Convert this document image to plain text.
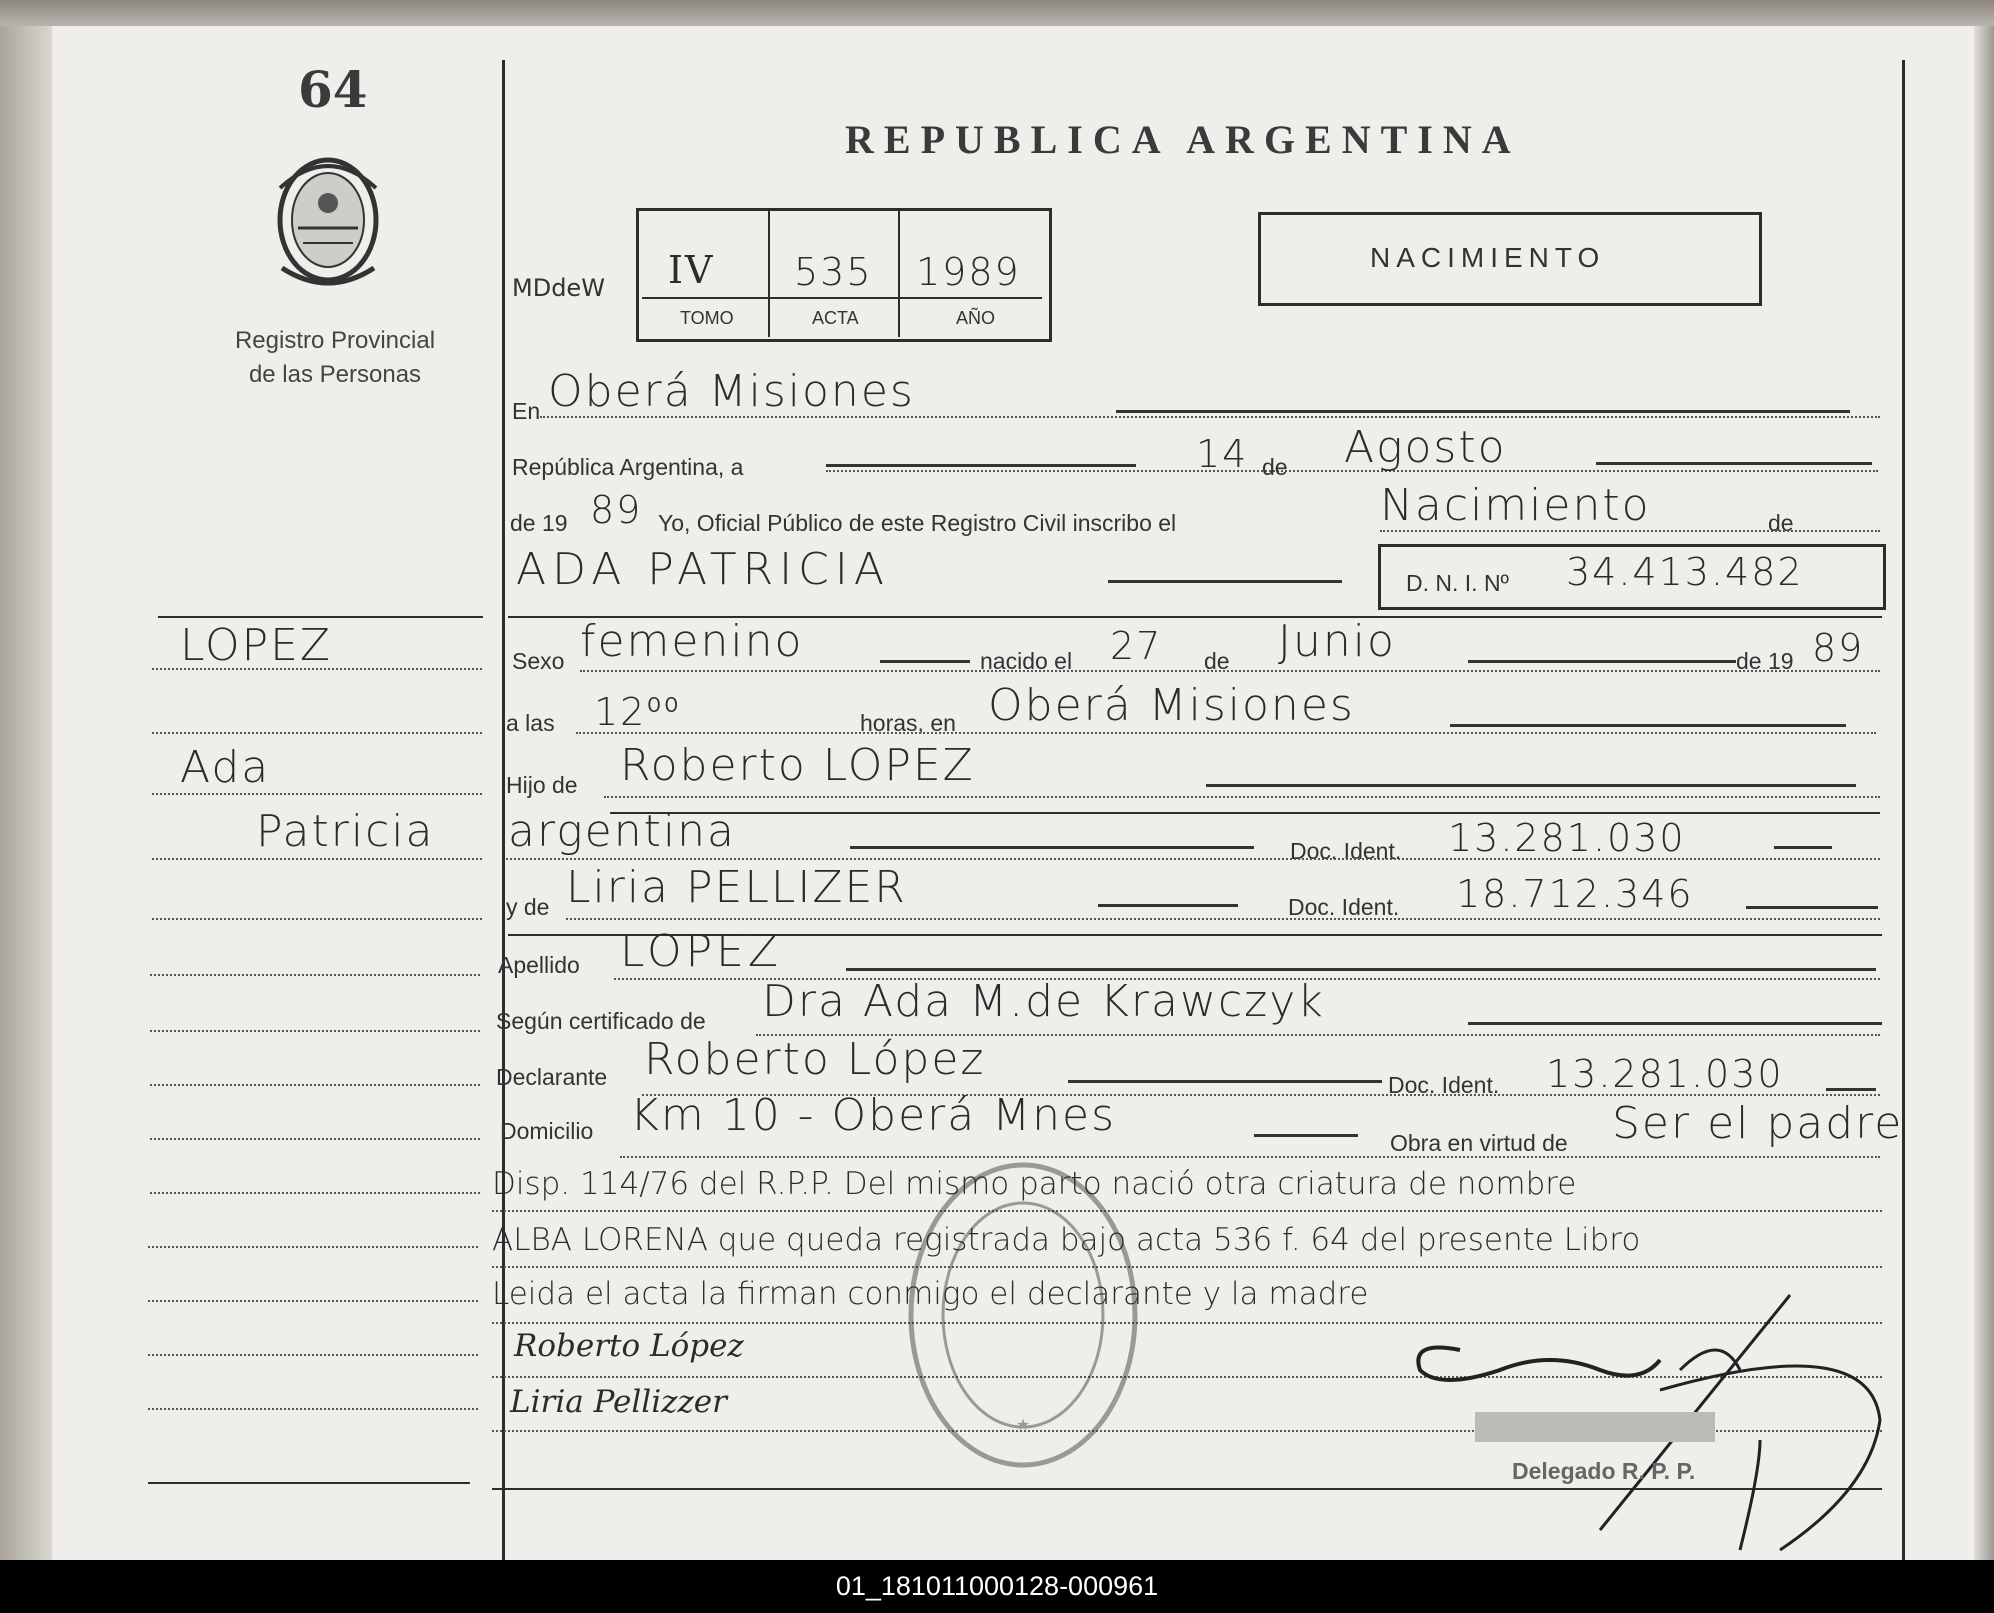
64
Registro Provincial
de las Personas
LOPEZ
Ada
Patricia
REPUBLICA ARGENTINA
MDdeW IV 535 1989
TOMO	ACTA	AÑO
NACIMIENTO
En Oberá Misiones
República Argentina, a	14 de Agosto
de 19 89 Yo, Oficial Público de este Registro Civil inscribo el	Nacimiento	de
ADA PATRICIA	D. N. I. Nº 34.413.482
Sexo femenino	nacido el 27 de Junio	de 19 89
a las 12⁰⁰	horas, en Oberá Misiones
Hijo de Roberto LOPEZ
argentina	Doc. Ident. 13.281.030
y de Liria PELLIZER	Doc. Ident. 18.712.346
Apellido LOPEZ
Según certificado de Dra Ada M.de Krawczyk
Declarante Roberto López	Doc. Ident. 13.281.030
Domicilio Km 10 - Oberá Mnes
Obra en virtud de Ser el padre
Disp. 114/76 del R.P.P. Del mismo parto nació otra criatura de nombre
ALBA LORENA que queda registrada bajo acta 536 f. 64 del presente Libro
Leida el acta la firman conmigo el declarante y la madre
Roberto López
Liria Pellizzer
★
Delegado R. P. P.
01_181011000128-000961
